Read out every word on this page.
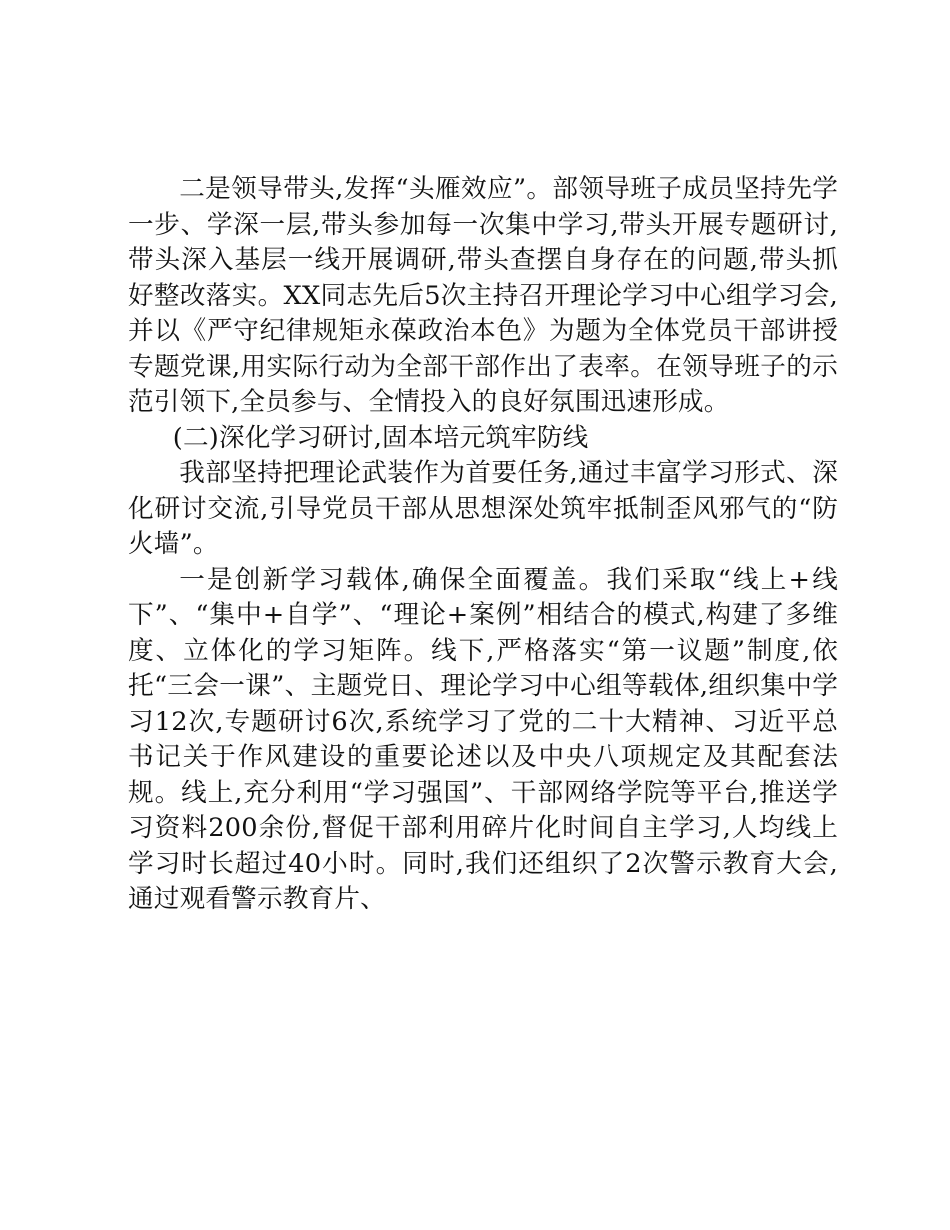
二是领导带头,发挥“头雁效应”。部领导班子成员坚持先学一步、学深一层,带头参加每一次集中学习,带头开展专题研讨,带头深入基层一线开展调研,带头查摆自身存在的问题,带头抓好整改落实。XX同志先后5次主持召开理论学习中心组学习会,并以《严守纪律规矩永葆政治本色》为题为全体党员干部讲授专题党课,用实际行动为全部干部作出了表率。在领导班子的示范引领下,全员参与、全情投入的良好氛围迅速形成。

(二)深化学习研讨,固本培元筑牢防线

我部坚持把理论武装作为首要任务,通过丰富学习形式、深化研讨交流,引导党员干部从思想深处筑牢抵制歪风邪气的“防火墙”。

一是创新学习载体,确保全面覆盖。我们采取“线上+线下”、“集中+自学”、“理论+案例”相结合的模式,构建了多维度、立体化的学习矩阵。线下,严格落实“第一议题”制度,依托“三会一课”、主题党日、理论学习中心组等载体,组织集中学习12次,专题研讨6次,系统学习了党的二十大精神、习近平总书记关于作风建设的重要论述以及中央八项规定及其配套法规。线上,充分利用“学习强国”、干部网络学院等平台,推送学习资料200余份,督促干部利用碎片化时间自主学习,人均线上学习时长超过40小时。同时,我们还组织了2次警示教育大会,通过观看警示教育片、
